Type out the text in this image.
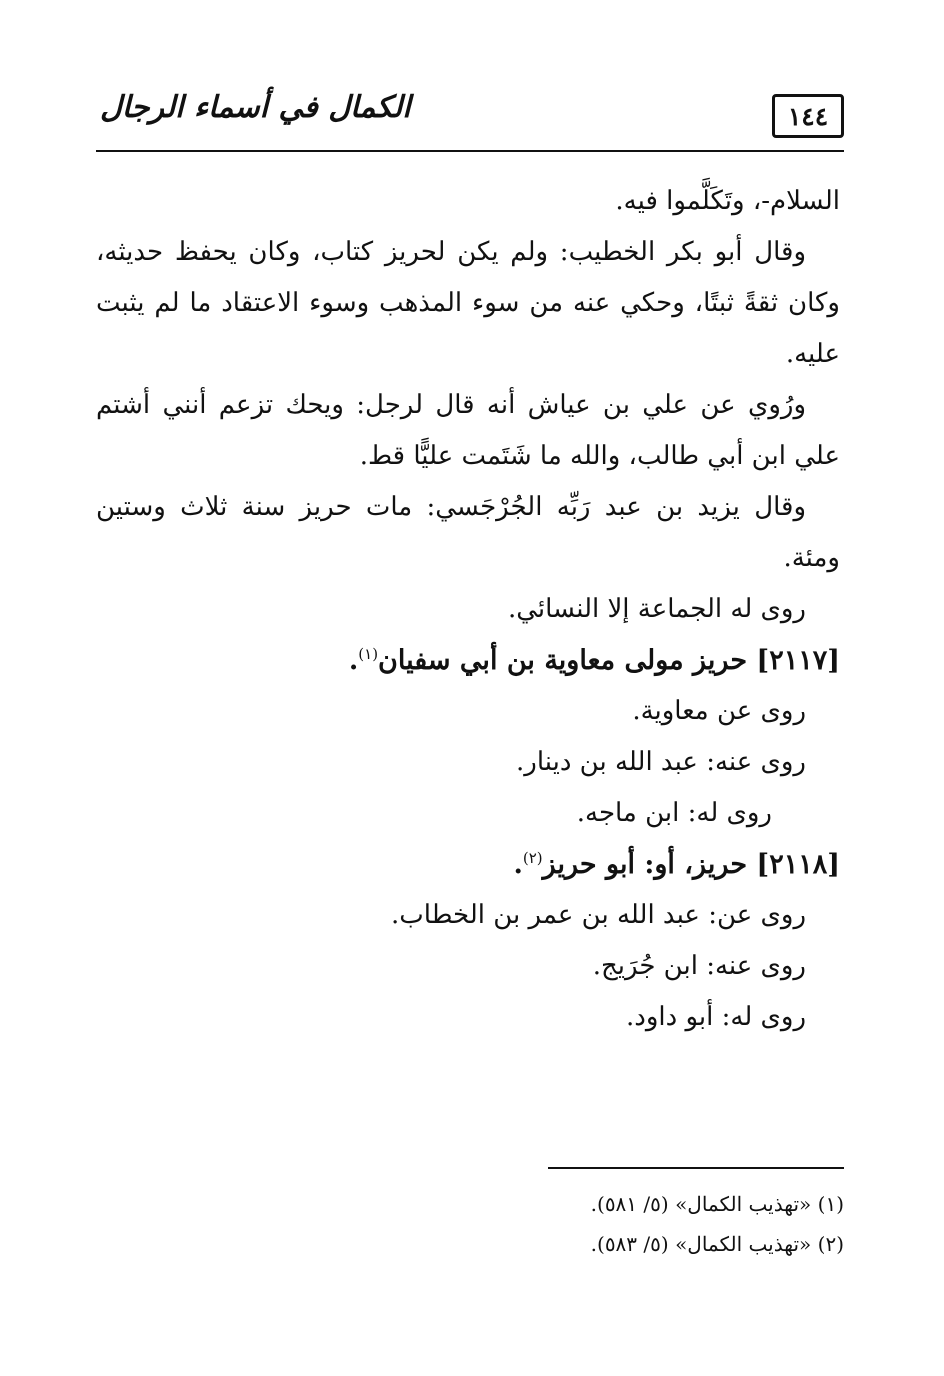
١٤٤
الكمال في أسماء الرجال

السلام-، وتَكَلَّموا فيه.

وقال أبو بكر الخطيب: ولم يكن لحريز كتاب، وكان يحفظ حديثه، وكان ثقةً ثبتًا، وحكي عنه من سوء المذهب وسوء الاعتقاد ما لم يثبت عليه.

ورُوي عن علي بن عياش أنه قال لرجل: ويحك تزعم أنني أشتم علي ابن أبي طالب، والله ما شَتَمت عليًّا قط.

وقال يزيد بن عبد رَبِّه الجُرْجَسي: مات حريز سنة ثلاث وستين ومئة.

روى له الجماعة إلا النسائي.

[٢١١٧] حريز مولى معاوية بن أبي سفيان$^{(١)}$.

روى عن معاوية.

روى عنه: عبد الله بن دينار.

روى له: ابن ماجه.

[٢١١٨] حريز، أو: أبو حريز$^{(٢)}$.

روى عن: عبد الله بن عمر بن الخطاب.

روى عنه: ابن جُرَيج.

روى له: أبو داود.

(١) «تهذيب الكمال» (٥/ ٥٨١).

(٢) «تهذيب الكمال» (٥/ ٥٨٣).
